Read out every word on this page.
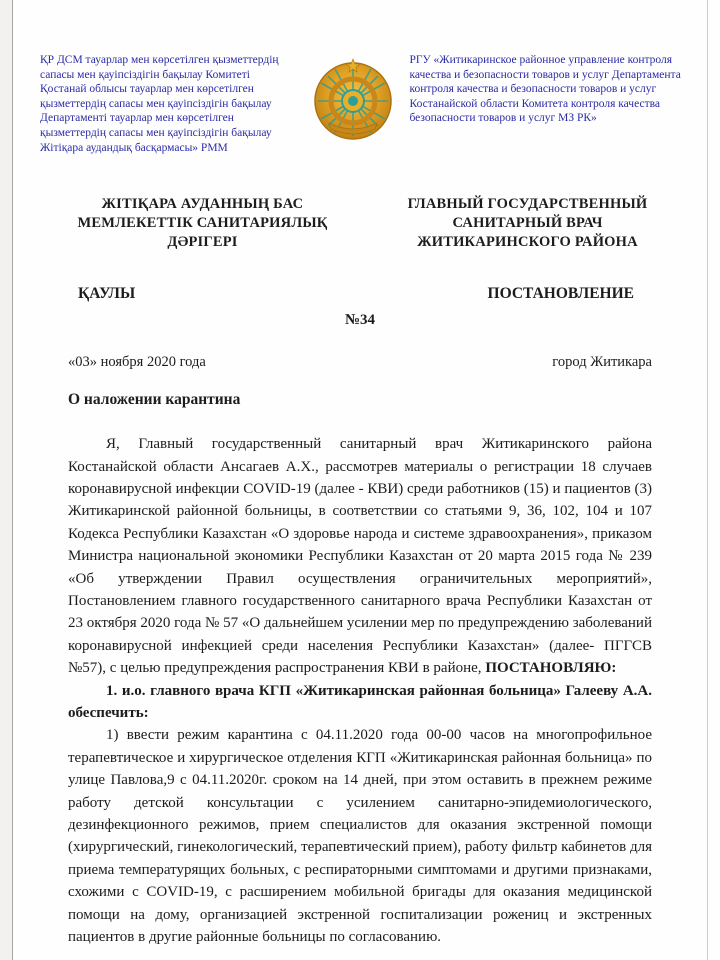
ҚР ДСМ тауарлар мен көрсетілген қызметтердің сапасы мен қауіпсіздігін бақылау Комитеті Қостанай облысы тауарлар мен көрсетілген қызметтердің сапасы мен қауіпсіздігін бақылау Департаменті тауарлар мен көрсетілген қызметтердің сапасы мен қауіпсіздігін бақылау Жітіқара аудандық басқармасы» РММ
РГУ «Житикаринское районное управление контроля качества и безопасности товаров и услуг Департамента контроля качества и безопасности товаров и услуг Костанайской области Комитета контроля качества безопасности товаров и услуг МЗ РК»
ЖІТІҚАРА АУДАННЫҢ БАС МЕМЛЕКЕТТІК САНИТАРИЯЛЫҚ ДӘРІГЕРІ
ГЛАВНЫЙ ГОСУДАРСТВЕННЫЙ САНИТАРНЫЙ ВРАЧ ЖИТИКАРИНСКОГО РАЙОНА
ҚАУЛЫ	ПОСТАНОВЛЕНИЕ
№34
«03» ноября 2020 года	город Житикара
О наложении карантина

Я, Главный государственный санитарный врач Житикаринского района Костанайской области Ансагаев А.Х., рассмотрев материалы о регистрации 18 случаев коронавирусной инфекции COVID-19 (далее - КВИ) среди работников (15) и пациентов (3) Житикаринской районной больницы, в соответствии со статьями 9, 36, 102, 104 и 107 Кодекса Республики Казахстан «О здоровье народа и системе здравоохранения», приказом Министра национальной экономики Республики Казахстан от 20 марта 2015 года № 239 «Об утверждении Правил осуществления ограничительных мероприятий», Постановлением главного государственного санитарного врача Республики Казахстан от 23 октября 2020 года № 57 «О дальнейшем усилении мер по предупреждению заболеваний коронавирусной инфекцией среди населения Республики Казахстан» (далее- ПГГСВ №57), с целью предупреждения распространения КВИ в районе, ПОСТАНОВЛЯЮ:

1. и.о. главного врача КГП «Житикаринская районная больница» Галееву А.А. обеспечить:

1) ввести режим карантина с 04.11.2020 года 00-00 часов на многопрофильное терапевтическое и хирургическое отделения КГП «Житикаринская районная больница» по улице Павлова,9 с 04.11.2020г. сроком на 14 дней, при этом оставить в прежнем режиме работу детской консультации с усилением санитарно-эпидемиологического, дезинфекционного режимов, прием специалистов для оказания экстренной помощи (хирургический, гинекологический, терапевтический прием), работу фильтр кабинетов для приема температурящих больных, с респираторными симптомами и другими признаками, схожими с COVID-19, с расширением мобильной бригады для оказания медицинской помощи на дому, организацией экстренной госпитализации рожениц и экстренных пациентов в другие районные больницы по согласованию.
